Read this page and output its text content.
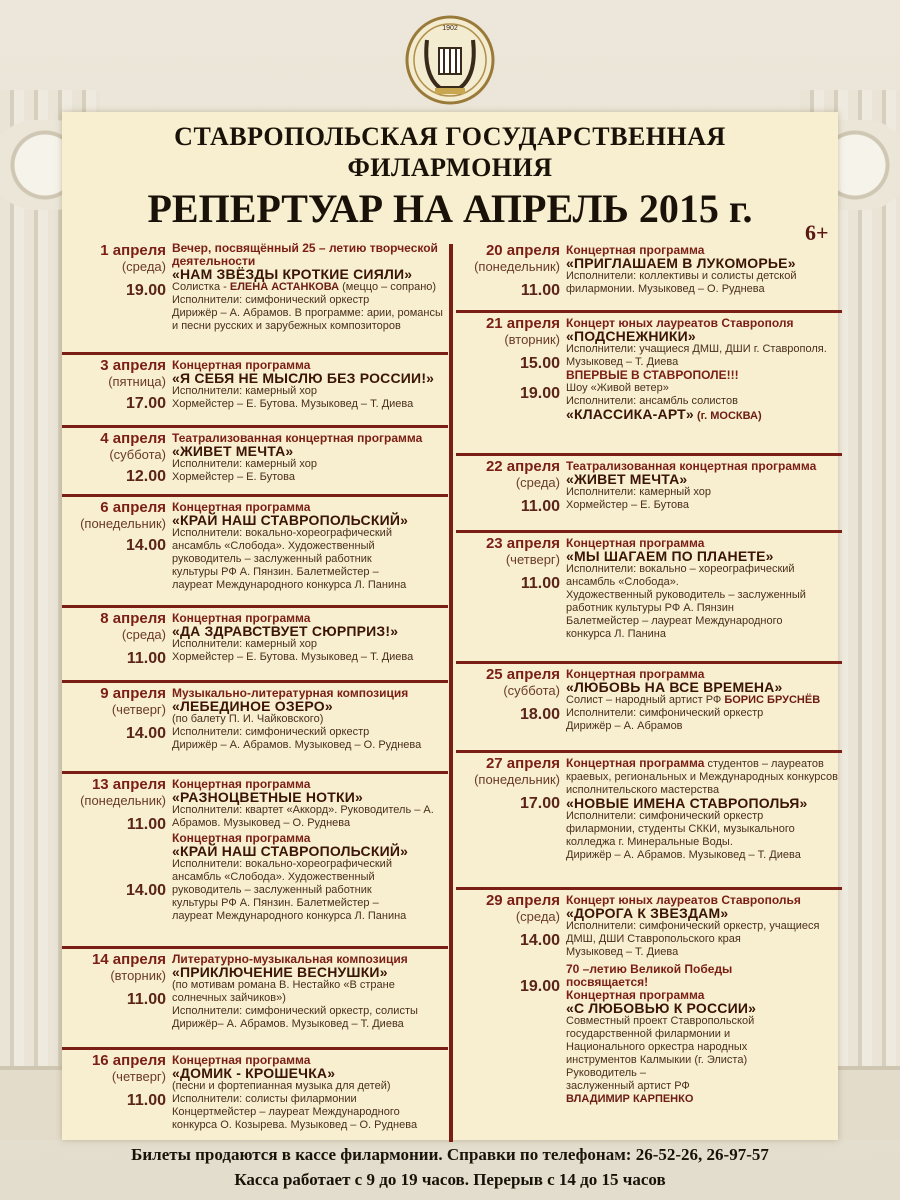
1902
СТАВРОПОЛЬСКАЯ ГОСУДАРСТВЕННАЯ
ФИЛАРМОНИЯ
РЕПЕРТУАР НА АПРЕЛЬ 2015 г.
6+
1 апреля
(среда)
19.00
Вечер, посвящённый 25 – летию творческой деятельности
«НАМ ЗВЁЗДЫ КРОТКИЕ СИЯЛИ»
Солистка - ЕЛЕНА АСТАНКОВА (меццо – сопрано)
Исполнители: симфонический оркестр
Дирижёр – А. Абрамов. В программе: арии, романсы и песни русских и зарубежных композиторов
3 апреля
(пятница)
17.00
Концертная программа
«Я СЕБЯ НЕ МЫСЛЮ БЕЗ РОССИИ!»
Исполнители: камерный хор
Хормейстер – Е. Бутова. Музыковед – Т. Диева
4 апреля
(суббота)
12.00
Театрализованная концертная программа
«ЖИВЕТ МЕЧТА»
Исполнители: камерный хор
Хормейстер – Е. Бутова
6 апреля
(понедельник)
14.00
Концертная программа
«КРАЙ НАШ СТАВРОПОЛЬСКИЙ»
Исполнители: вокально-хореографический ансамбль «Слобода». Художественный руководитель – заслуженный работник культуры РФ А. Пянзин. Балетмейстер – лауреат Международного конкурса Л. Панина
8 апреля
(среда)
11.00
Концертная программа
«ДА ЗДРАВСТВУЕТ СЮРПРИЗ!»
Исполнители: камерный хор
Хормейстер – Е. Бутова. Музыковед – Т. Диева
9 апреля
(четверг)
14.00
Музыкально-литературная композиция
«ЛЕБЕДИНОЕ ОЗЕРО»
(по балету П. И. Чайковского)
Исполнители: симфонический оркестр
Дирижёр – А. Абрамов. Музыковед – О. Руднева
13 апреля
(понедельник)
11.00
14.00
Концертная программа
«РАЗНОЦВЕТНЫЕ НОТКИ»
Исполнители: квартет «Аккорд». Руководитель – А. Абрамов. Музыковед – О. Руднева
Концертная программа
«КРАЙ НАШ СТАВРОПОЛЬСКИЙ»
Исполнители: вокально-хореографический ансамбль «Слобода». Художественный руководитель – заслуженный работник культуры РФ А. Пянзин. Балетмейстер – лауреат Международного конкурса Л. Панина
14 апреля
(вторник)
11.00
Литературно-музыкальная композиция
«ПРИКЛЮЧЕНИЕ ВЕСНУШКИ»
(по мотивам романа В. Нестайко «В стране солнечных зайчиков»)
Исполнители: симфонический оркестр, солисты
Дирижёр– А. Абрамов. Музыковед – Т. Диева
16 апреля
(четверг)
11.00
Концертная программа
«ДОМИК - КРОШЕЧКА»
(песни и фортепианная музыка для детей)
Исполнители: солисты филармонии
Концертмейстер – лауреат Международного конкурса О. Козырева. Музыковед – О. Руднева
20 апреля
(понедельник)
11.00
Концертная программа
«ПРИГЛАШАЕМ В ЛУКОМОРЬЕ»
Исполнители: коллективы и солисты детской филармонии. Музыковед – О. Руднева
21 апреля
(вторник)
15.00
19.00
Концерт юных лауреатов Ставрополя
«ПОДСНЕЖНИКИ»
Исполнители: учащиеся ДМШ, ДШИ г. Ставрополя. Музыковед – Т. Диева
ВПЕРВЫЕ В СТАВРОПОЛЕ!!!
Шоу «Живой ветер»
Исполнители: ансамбль солистов
«КЛАССИКА-АРТ» (г. МОСКВА)
22 апреля
(среда)
11.00
Театрализованная концертная программа
«ЖИВЕТ МЕЧТА»
Исполнители: камерный хор
Хормейстер – Е. Бутова
23 апреля
(четверг)
11.00
Концертная программа
«МЫ ШАГАЕМ ПО ПЛАНЕТЕ»
Исполнители: вокально – хореографический ансамбль «Слобода».
Художественный руководитель – заслуженный работник культуры РФ А. Пянзин
Балетмейстер – лауреат Международного конкурса Л. Панина
25 апреля
(суббота)
18.00
Концертная программа
«ЛЮБОВЬ НА ВСЕ ВРЕМЕНА»
Солист – народный артист РФ БОРИС БРУСНЁВ
Исполнители: симфонический оркестр
Дирижёр – А. Абрамов
27 апреля
(понедельник)
17.00
Концертная программа студентов – лауреатов краевых, региональных и Международных конкурсов исполнительского мастерства
«НОВЫЕ ИМЕНА СТАВРОПОЛЬЯ»
Исполнители: симфонический оркестр филармонии, студенты СККИ, музыкального колледжа г. Минеральные Воды.
Дирижёр – А. Абрамов. Музыковед – Т. Диева
29 апреля
(среда)
14.00
19.00
Концерт юных лауреатов Ставрополья
«ДОРОГА К ЗВЕЗДАМ»
Исполнители: симфонический оркестр, учащиеся ДМШ, ДШИ Ставропольского края
Музыковед – Т. Диева
70 –летию Великой Победы посвящается!
Концертная программа
«С ЛЮБОВЬЮ К РОССИИ»
Совместный проект Ставропольской государственной филармонии и Национального оркестра народных инструментов Калмыкии (г. Элиста)
Руководитель –
заслуженный артист РФ
ВЛАДИМИР КАРПЕНКО
Билеты продаются в кассе филармонии. Справки по телефонам: 26-52-26, 26-97-57
Касса работает с 9 до 19 часов. Перерыв с 14 до 15 часов
